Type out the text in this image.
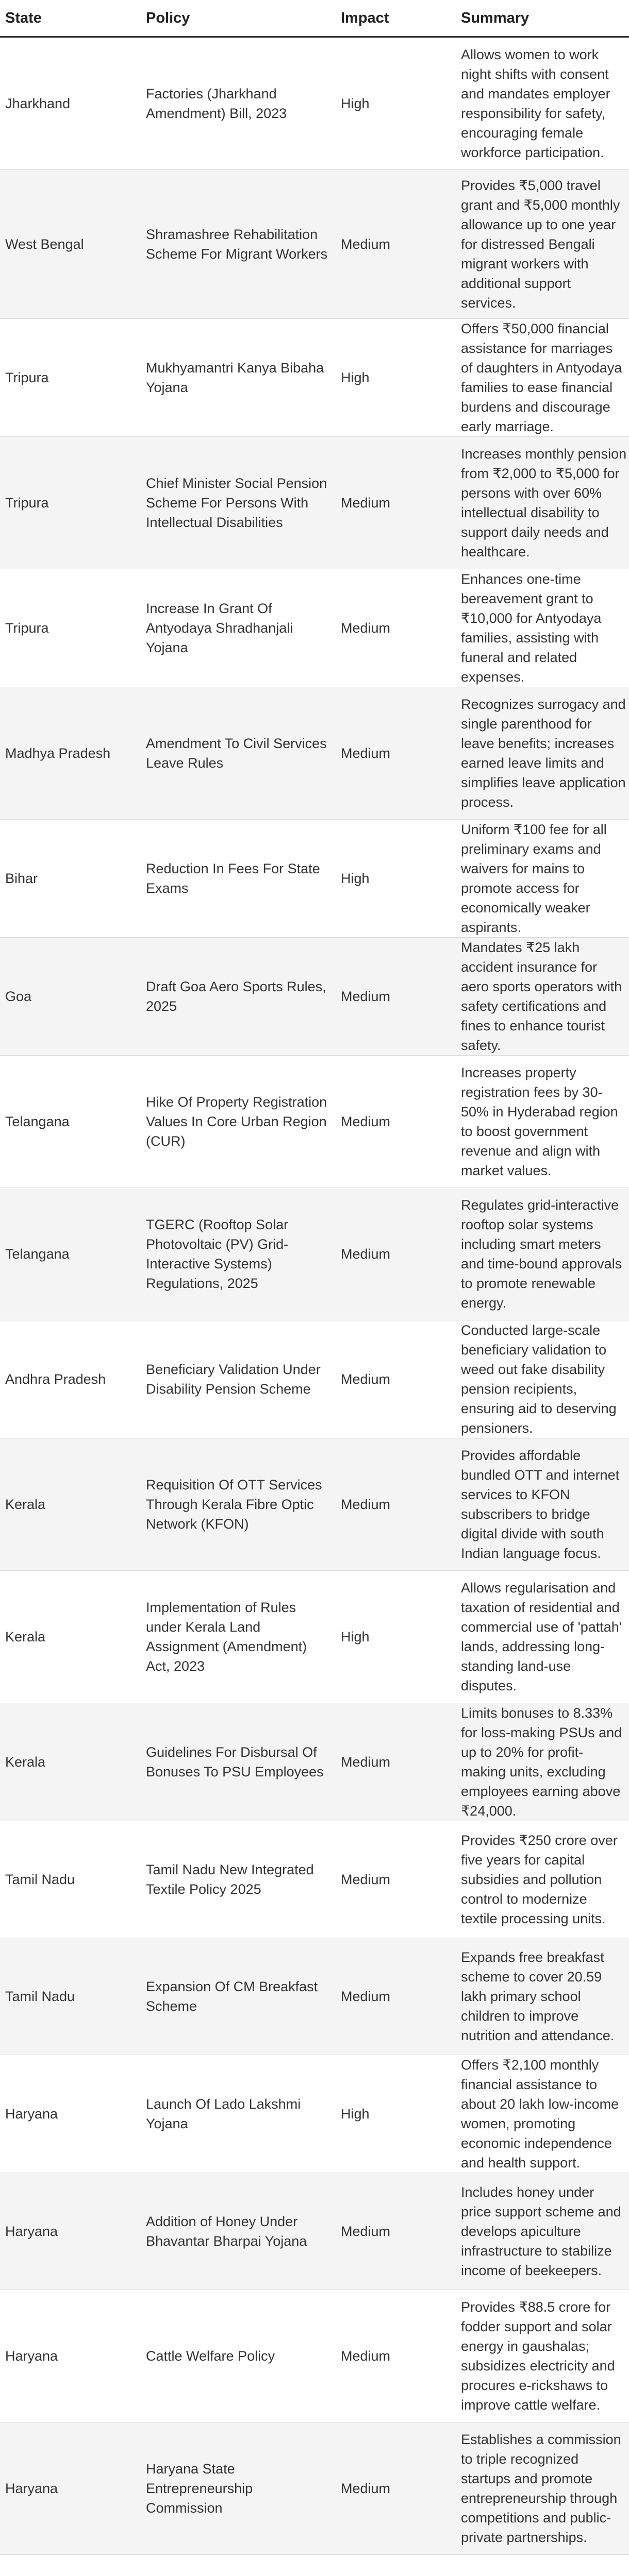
State	Policy	Impact	Summary

Jharkhand	Factories (Jharkhand Amendment) Bill, 2023	High	Allows women to work night shifts with consent and mandates employer responsibility for safety, encouraging female workforce participation.

West Bengal	Shramashree Rehabilitation Scheme For Migrant Workers	Medium	Provides ₹5,000 travel grant and ₹5,000 monthly allowance up to one year for distressed Bengali migrant workers with additional support services.

Tripura	Mukhyamantri Kanya Bibaha Yojana	High	Offers ₹50,000 financial assistance for marriages of daughters in Antyodaya families to ease financial burdens and discourage early marriage.

Tripura	Chief Minister Social Pension Scheme For Persons With Intellectual Disabilities	Medium	Increases monthly pension from ₹2,000 to ₹5,000 for persons with over 60% intellectual disability to support daily needs and healthcare.

Tripura	Increase In Grant Of Antyodaya Shradhanjali Yojana	Medium	Enhances one-time bereavement grant to ₹10,000 for Antyodaya families, assisting with funeral and related expenses.

Madhya Pradesh	Amendment To Civil Services Leave Rules	Medium	Recognizes surrogacy and single parenthood for leave benefits; increases earned leave limits and simplifies leave application process.

Bihar	Reduction In Fees For State Exams	High	Uniform ₹100 fee for all preliminary exams and waivers for mains to promote access for economically weaker aspirants.

Goa	Draft Goa Aero Sports Rules, 2025	Medium	Mandates ₹25 lakh accident insurance for aero sports operators with safety certifications and fines to enhance tourist safety.

Telangana	Hike Of Property Registration Values In Core Urban Region (CUR)	Medium	Increases property registration fees by 30-50% in Hyderabad region to boost government revenue and align with market values.

Telangana	TGERC (Rooftop Solar Photovoltaic (PV) Grid-Interactive Systems) Regulations, 2025	Medium	Regulates grid-interactive rooftop solar systems including smart meters and time-bound approvals to promote renewable energy.

Andhra Pradesh	Beneficiary Validation Under Disability Pension Scheme	Medium	Conducted large-scale beneficiary validation to weed out fake disability pension recipients, ensuring aid to deserving pensioners.

Kerala	Requisition Of OTT Services Through Kerala Fibre Optic Network (KFON)	Medium	Provides affordable bundled OTT and internet services to KFON subscribers to bridge digital divide with south Indian language focus.

Kerala	Implementation of Rules under Kerala Land Assignment (Amendment) Act, 2023	High	Allows regularisation and taxation of residential and commercial use of 'pattah' lands, addressing long-standing land-use disputes.

Kerala	Guidelines For Disbursal Of Bonuses To PSU Employees	Medium	Limits bonuses to 8.33% for loss-making PSUs and up to 20% for profit-making units, excluding employees earning above ₹24,000.

Tamil Nadu	Tamil Nadu New Integrated Textile Policy 2025	Medium	Provides ₹250 crore over five years for capital subsidies and pollution control to modernize textile processing units.

Tamil Nadu	Expansion Of CM Breakfast Scheme	Medium	Expands free breakfast scheme to cover 20.59 lakh primary school children to improve nutrition and attendance.

Haryana	Launch Of Lado Lakshmi Yojana	High	Offers ₹2,100 monthly financial assistance to about 20 lakh low-income women, promoting economic independence and health support.

Haryana	Addition of Honey Under Bhavantar Bharpai Yojana	Medium	Includes honey under price support scheme and develops apiculture infrastructure to stabilize income of beekeepers.

Haryana	Cattle Welfare Policy	Medium	Provides ₹88.5 crore for fodder support and solar energy in gaushalas; subsidizes electricity and procures e-rickshaws to improve cattle welfare.

Haryana	Haryana State Entrepreneurship Commission	Medium	Establishes a commission to triple recognized startups and promote entrepreneurship through competitions and public-private partnerships.
